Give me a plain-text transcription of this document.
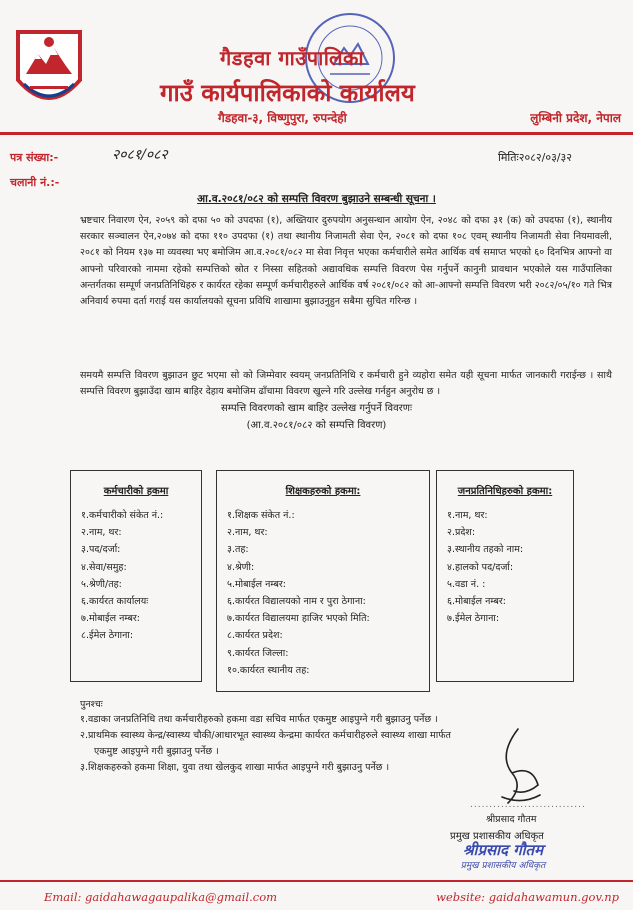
गैडहवा गाउँपालिका
गाउँ कार्यपालिकाको कार्यालय
गैडहवा-३, विष्णुपुरा, रुपन्देही	लुम्बिनी प्रदेश, नेपाल
पत्र संख्या:-	२०८१/०८२
चलानी नं.:-
मितिः२०८२/०३/३२
आ.व.२०८१/०८२ को सम्पत्ति विवरण बुझाउने सम्बन्धी सूचना ।
भ्रष्टचार निवारण ऐन, २०५९ को दफा ५० को उपदफा (१), अख्तियार दुरुपयोग अनुसन्धान आयोग ऐन, २०४८ को दफा ३१ (क) को उपदफा (१), स्थानीय सरकार सञ्चालन ऐन,२०७४ को दफा ११० उपदफा (१) तथा स्थानीय निजामती सेवा ऐन, २०८१ को दफा १०८ एवम् स्थानीय निजामती सेवा नियमावली, २०८१ को नियम १३७ मा व्यवस्था भए बमोजिम आ.व.२०८१/०८२ मा सेवा निवृत्त भएका कर्मचारीले समेत आर्थिक वर्ष समाप्त भएको ६० दिनभित्र आफ्नो वा आफ्नो परिवारको नाममा रहेको सम्पत्तिको स्रोत र निस्सा सहितको अद्यावधिक सम्पत्ति विवरण पेस गर्नुपर्ने कानुनी प्रावधान भएकोले यस गाउँपालिका अन्तर्गतका सम्पूर्ण जनप्रतिनिधिहरु र कार्यरत रहेका सम्पूर्ण कर्मचारीहरुले आर्थिक वर्ष २०८१/०८२ को आ-आफ्नो सम्पत्ति विवरण भरी २०८२/०५/१० गते भित्र अनिवार्य रुपमा दर्ता गराई यस कार्यालयको सूचना प्रविधि शाखामा बुझाउनुहुन सबैमा सुचित गरिन्छ ।
समयमै सम्पत्ति विवरण बुझाउन छुट भएमा सो को जिम्मेवार स्वयम् जनप्रतिनिधि र कर्मचारी हुने व्यहोरा समेत यही सूचना मार्फत जानकारी गराईन्छ । साथै सम्पत्ति विवरण बुझाउँदा खाम बाहिर देहाय बमोजिम ढाँचामा विवरण खुल्ने गरि उल्लेख गर्नहुन अनुरोध छ ।
सम्पत्ति विवरणको खाम बाहिर उल्लेख गर्नुपर्ने विवरणः
(आ.व.२०८१/०८२ को सम्पत्ति विवरण)
कर्मचारीको हकमा
१.कर्मचारीको संकेत नं.:
२.नाम, थर:
३.पद/दर्जा:
४.सेवा/समुह:
५.श्रेणी/तह:
६.कार्यरत कार्यालयः
७.मोबाईल नम्बर:
८.ईमेल ठेगाना:
शिक्षकहरुको हकमा:
१.शिक्षक संकेत नं.:
२.नाम, थर:
३.तह:
४.श्रेणी:
५.मोबाईल नम्बर:
६.कार्यरत विद्यालयको नाम र पुरा ठेगाना:
७.कार्यरत विद्यालयमा हाजिर भएको मिति:
८.कार्यरत प्रदेश:
९.कार्यरत जिल्ला:
१०.कार्यरत स्थानीय तह:
जनप्रतिनिधिहरुको हकमा:
१.नाम, थर:
२.प्रदेश:
३.स्थानीय तहको नाम:
४.हालको पद/दर्जा:
५.वडा नं. :
६.मोबाईल नम्बर:
७.ईमेल ठेगाना:
पुनश्चः
१.वडाका जनप्रतिनिधि तथा कर्मचारीहरुको हकमा वडा सचिव मार्फत एकमुष्ट आइपुग्ने गरी बुझाउनु पर्नेछ ।
२.प्राथमिक स्वास्थ्य केन्द्र/स्वास्थ्य चौकी/आधारभूत स्वास्थ्य केन्द्रमा कार्यरत कर्मचारीहरुले स्वास्थ्य शाखा मार्फत
एकमुष्ट आइपुग्ने गरी बुझाउनु पर्नेछ ।
३.शिक्षकहरुको हकमा शिक्षा, युवा तथा खेलकुद शाखा मार्फत आइपुग्ने गरी बुझाउनु पर्नेछ ।
..............................
श्रीप्रसाद गौतम
प्रमुख प्रशासकीय अधिकृत
श्रीप्रसाद गौतम
प्रमुख प्रशासकीय अधिकृत
Email: gaidahawagaupalika@gmail.com	website: gaidahawamun.gov.np
